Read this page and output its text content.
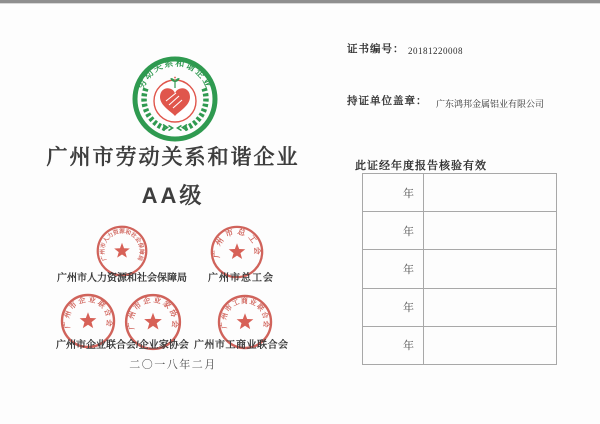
劳动关系和谐企业
广州市劳动关系和谐企业
AA级
广州市人力资源和社会保障局	广州市总工会
广州市企业联合会 广州市企业家协会	广州市工商业联合会
广州市人力资源和社会保障局 广州市总工会
广州市企业联合会/企业家协会 广州市工商业联合会
二〇一八年二月
证书编号： 20181220008
持证单位盖章： 广东鸿邦金属铝业有限公司
此证经年度报告核验有效
年	
年	
年	
年	
年	
